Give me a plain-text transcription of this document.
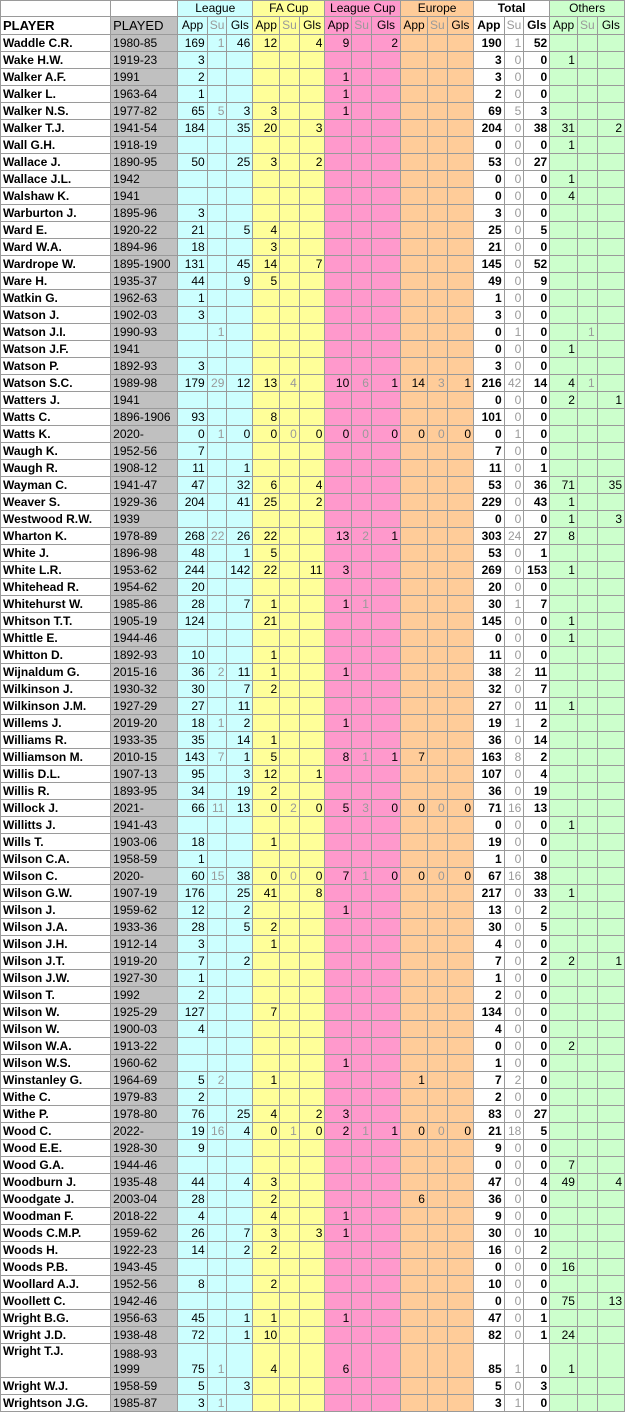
		League			FA Cup			League Cup			Europe			Total			Others		
PLAYER	PLAYED	App	Su	Gls	App	Su	Gls	App	Su	Gls	App	Su	Gls	App	Su	Gls	App	Su	Gls
Waddle C.R.	1980-85	169	1	46	12		4	9		2				190	1	52			
Wake H.W.	1919-23	3												3	0	0	1		
Walker A.F.	1991	2						1						3	0	0			
Walker L.	1963-64	1						1						2	0	0			
Walker N.S.	1977-82	65	5	3	3			1						69	5	3			
Walker T.J.	1941-54	184		35	20		3							204	0	38	31		2
Wall G.H.	1918-19													0	0	0	1		
Wallace J.	1890-95	50		25	3		2							53	0	27			
Wallace J.L.	1942													0	0	0	1		
Walshaw K.	1941													0	0	0	4		
Warburton J.	1895-96	3												3	0	0			
Ward E.	1920-22	21		5	4									25	0	5			
Ward W.A.	1894-96	18			3									21	0	0			
Wardrope W.	1895-1900	131		45	14		7							145	0	52			
Ware H.	1935-37	44		9	5									49	0	9			
Watkin G.	1962-63	1												1	0	0			
Watson J.	1902-03	3												3	0	0			
Watson J.I.	1990-93		1											0	1	0		1	
Watson J.F.	1941													0	0	0	1		
Watson P.	1892-93	3												3	0	0			
Watson S.C.	1989-98	179	29	12	13	4		10	6	1	14	3	1	216	42	14	4	1	
Watters J.	1941													0	0	0	2		1
Watts C.	1896-1906	93			8									101	0	0			
Watts K.	2020-	0	1	0	0	0	0	0	0	0	0	0	0	0	1	0			
Waugh K.	1952-56	7												7	0	0			
Waugh R.	1908-12	11		1										11	0	1			
Wayman C.	1941-47	47		32	6		4							53	0	36	71		35
Weaver S.	1929-36	204		41	25		2							229	0	43	1		
Westwood R.W.	1939													0	0	0	1		3
Wharton K.	1978-89	268	22	26	22			13	2	1				303	24	27	8		
White J.	1896-98	48		1	5									53	0	1			
White L.R.	1953-62	244		142	22		11	3						269	0	153	1		
Whitehead R.	1954-62	20												20	0	0			
Whitehurst W.	1985-86	28		7	1			1	1					30	1	7			
Whitson T.T.	1905-19	124			21									145	0	0	1		
Whittle E.	1944-46													0	0	0	1		
Whitton D.	1892-93	10			1									11	0	0			
Wijnaldum G.	2015-16	36	2	11	1			1						38	2	11			
Wilkinson J.	1930-32	30		7	2									32	0	7			
Wilkinson J.M.	1927-29	27		11										27	0	11	1		
Willems J.	2019-20	18	1	2				1						19	1	2			
Williams R.	1933-35	35		14	1									36	0	14			
Williamson M.	2010-15	143	7	1	5			8	1	1	7			163	8	2			
Willis D.L.	1907-13	95		3	12		1							107	0	4			
Willis R.	1893-95	34		19	2									36	0	19			
Willock J.	2021-	66	11	13	0	2	0	5	3	0	0	0	0	71	16	13			
Willitts J.	1941-43													0	0	0	1		
Wills T.	1903-06	18			1									19	0	0			
Wilson C.A.	1958-59	1												1	0	0			
Wilson C.	2020-	60	15	38	0	0	0	7	1	0	0	0	0	67	16	38			
Wilson G.W.	1907-19	176		25	41		8							217	0	33	1		
Wilson J.	1959-62	12		2				1						13	0	2			
Wilson J.A.	1933-36	28		5	2									30	0	5			
Wilson J.H.	1912-14	3			1									4	0	0			
Wilson J.T.	1919-20	7		2										7	0	2	2		1
Wilson J.W.	1927-30	1												1	0	0			
Wilson T.	1992	2												2	0	0			
Wilson W.	1925-29	127			7									134	0	0			
Wilson W.	1900-03	4												4	0	0			
Wilson W.A.	1913-22													0	0	0	2		
Wilson W.S.	1960-62							1						1	0	0			
Winstanley G.	1964-69	5	2		1						1			7	2	0			
Withe C.	1979-83	2												2	0	0			
Withe P.	1978-80	76		25	4		2	3						83	0	27			
Wood C.	2022-	19	16	4	0	1	0	2	1	1	0	0	0	21	18	5			
Wood E.E.	1928-30	9												9	0	0			
Wood G.A.	1944-46													0	0	0	7		
Woodburn J.	1935-48	44		4	3									47	0	4	49		4
Woodgate J.	2003-04	28			2						6			36	0	0			
Woodman F.	2018-22	4			4			1						9	0	0			
Woods C.M.P.	1959-62	26		7	3		3	1						30	0	10			
Woods H.	1922-23	14		2	2									16	0	2			
Woods P.B.	1943-45													0	0	0	16		
Woollard A.J.	1952-56	8			2									10	0	0			
Woollett C.	1942-46													0	0	0	75		13
Wright B.G.	1956-63	45		1	1			1						47	0	1			
Wright J.D.	1938-48	72		1	10									82	0	1	24		
Wright T.J.	1988-93
1999	75	1		4			6						85	1	0	1		
Wright W.J.	1958-59	5		3										5	0	3			
Wrightson J.G.	1985-87	3	1											3	1	0			
